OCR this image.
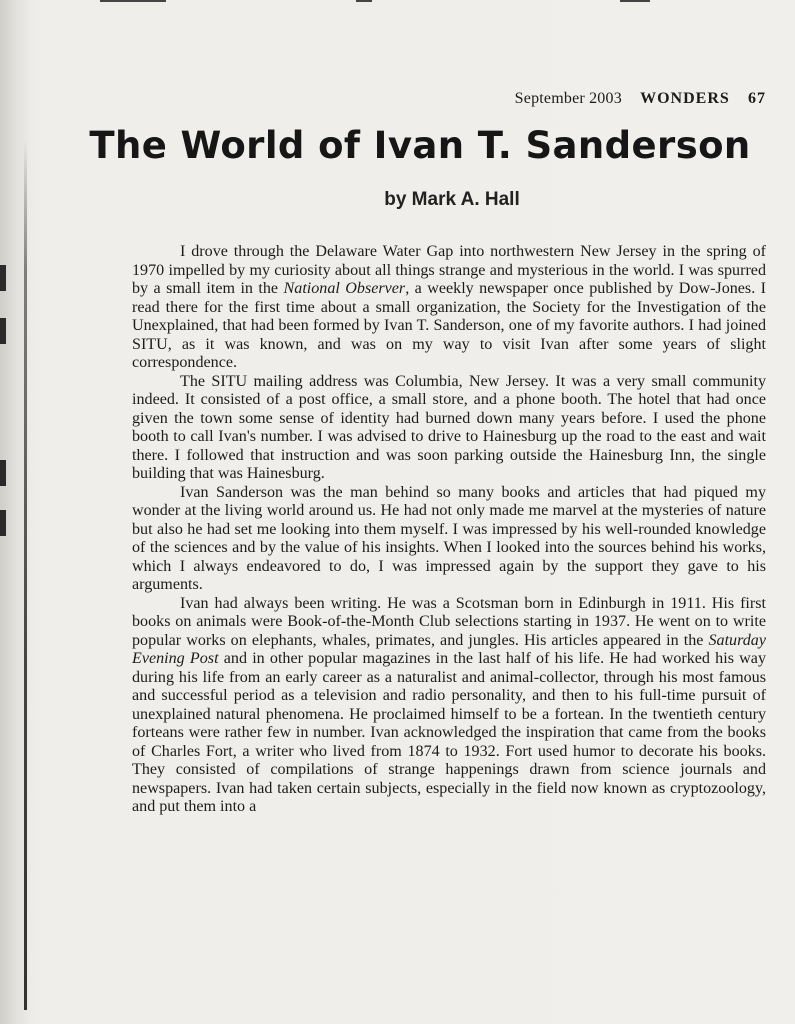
September 2003 WONDERS 67
The World of Ivan T. Sanderson
by Mark A. Hall

I drove through the Delaware Water Gap into northwestern New Jersey in the spring of 1970 impelled by my curiosity about all things strange and mysterious in the world. I was spurred by a small item in the National Observer, a weekly newspaper once published by Dow-Jones. I read there for the first time about a small organization, the Society for the Investigation of the Unexplained, that had been formed by Ivan T. Sanderson, one of my favorite authors. I had joined SITU, as it was known, and was on my way to visit Ivan after some years of slight correspondence.

The SITU mailing address was Columbia, New Jersey. It was a very small community indeed. It consisted of a post office, a small store, and a phone booth. The hotel that had once given the town some sense of identity had burned down many years before. I used the phone booth to call Ivan's number. I was advised to drive to Hainesburg up the road to the east and wait there. I followed that instruction and was soon parking outside the Hainesburg Inn, the single building that was Hainesburg.

Ivan Sanderson was the man behind so many books and articles that had piqued my wonder at the living world around us. He had not only made me marvel at the mysteries of nature but also he had set me looking into them myself. I was impressed by his well-rounded knowledge of the sciences and by the value of his insights. When I looked into the sources behind his works, which I always endeavored to do, I was impressed again by the support they gave to his arguments.

Ivan had always been writing. He was a Scotsman born in Edinburgh in 1911. His first books on animals were Book-of-the-Month Club selections starting in 1937. He went on to write popular works on elephants, whales, primates, and jungles. His articles appeared in the Saturday Evening Post and in other popular magazines in the last half of his life. He had worked his way during his life from an early career as a naturalist and animal-collector, through his most famous and successful period as a television and radio personality, and then to his full-time pursuit of unexplained natural phenomena. He proclaimed himself to be a fortean. In the twentieth century forteans were rather few in number. Ivan acknowledged the inspiration that came from the books of Charles Fort, a writer who lived from 1874 to 1932. Fort used humor to decorate his books. They consisted of compilations of strange happenings drawn from science journals and newspapers. Ivan had taken certain subjects, especially in the field now known as cryptozoology, and put them into a
